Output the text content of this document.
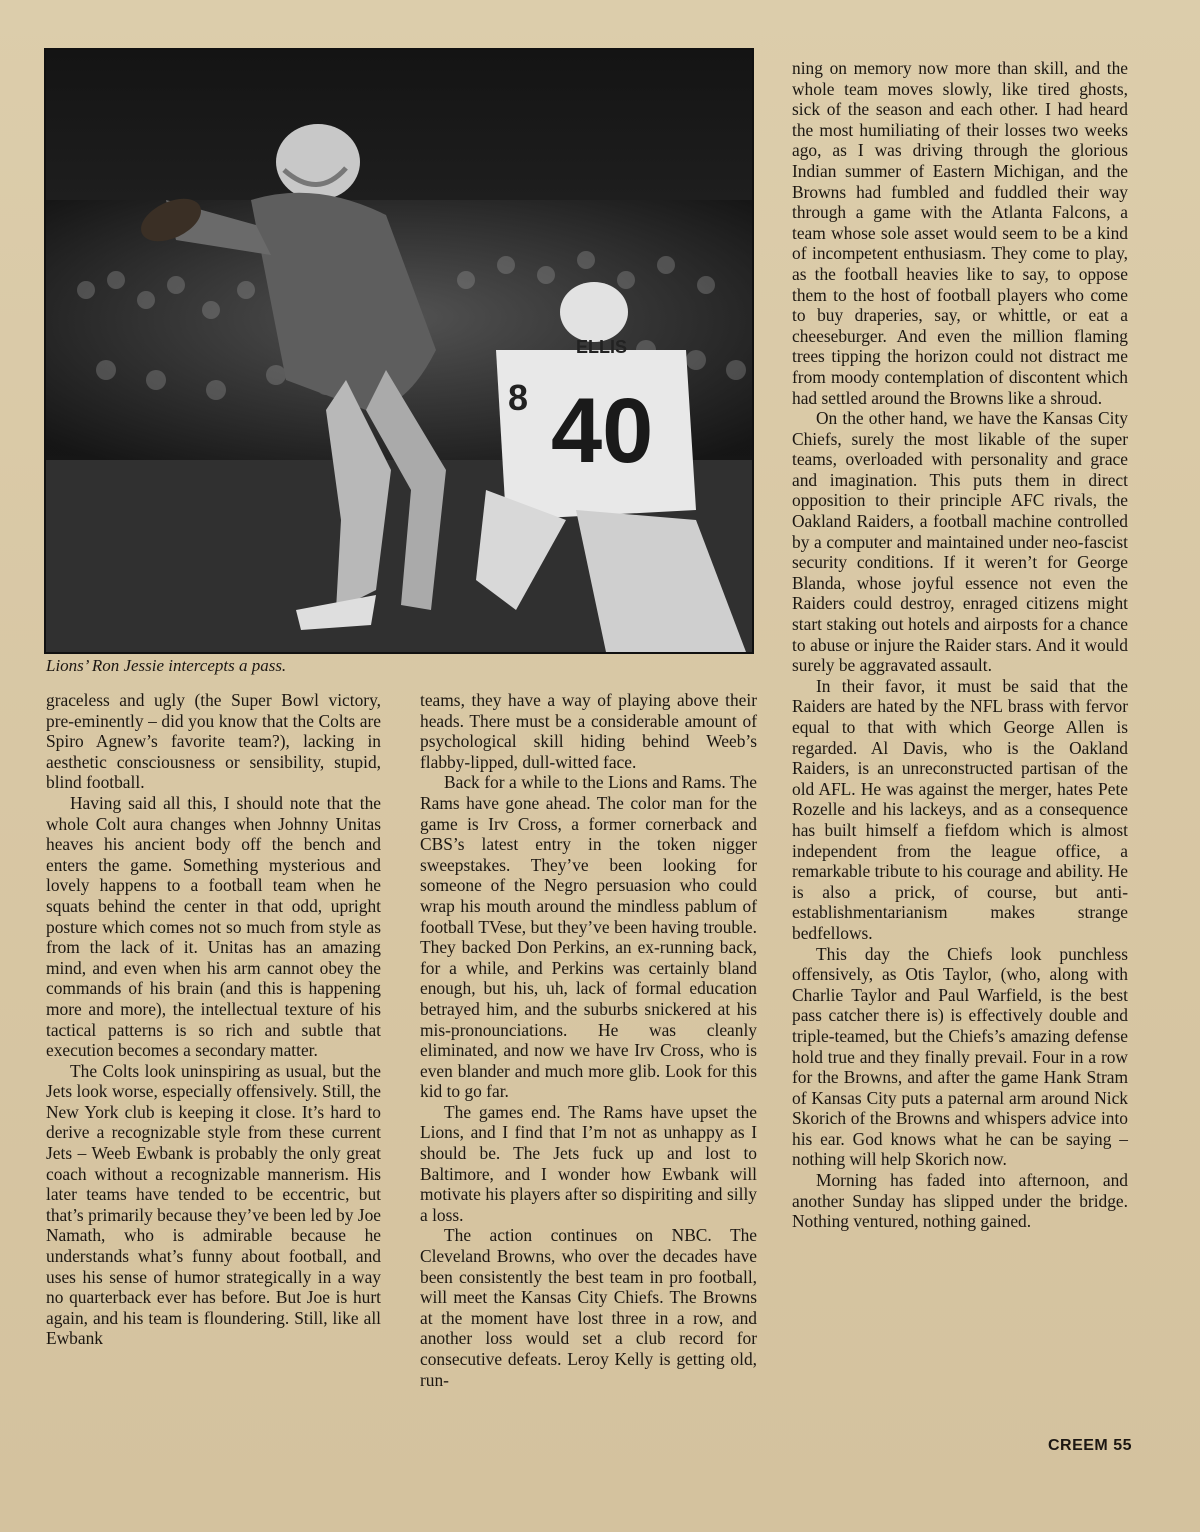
40
ELLIS
8
Lions’ Ron Jessie intercepts a pass.

graceless and ugly (the Super Bowl victory, pre-eminently – did you know that the Colts are Spiro Agnew’s favorite team?), lacking in aesthetic consciousness or sensibility, stupid, blind football.

Having said all this, I should note that the whole Colt aura changes when Johnny Unitas heaves his ancient body off the bench and enters the game. Something mysterious and lovely happens to a football team when he squats behind the center in that odd, upright posture which comes not so much from style as from the lack of it. Unitas has an amazing mind, and even when his arm cannot obey the commands of his brain (and this is happening more and more), the intellectual texture of his tactical patterns is so rich and subtle that execution becomes a secondary matter.

The Colts look uninspiring as usual, but the Jets look worse, especially offensively. Still, the New York club is keeping it close. It’s hard to derive a recognizable style from these current Jets – Weeb Ewbank is probably the only great coach without a recognizable mannerism. His later teams have tended to be eccentric, but that’s primarily because they’ve been led by Joe Namath, who is admirable because he understands what’s funny about football, and uses his sense of humor strategically in a way no quarterback ever has before. But Joe is hurt again, and his team is floundering. Still, like all Ewbank

teams, they have a way of playing above their heads. There must be a considerable amount of psychological skill hiding behind Weeb’s flabby-lipped, dull-witted face.

Back for a while to the Lions and Rams. The Rams have gone ahead. The color man for the game is Irv Cross, a former cornerback and CBS’s latest entry in the token nigger sweepstakes. They’ve been looking for someone of the Negro persuasion who could wrap his mouth around the mindless pablum of football TVese, but they’ve been having trouble. They backed Don Perkins, an ex-running back, for a while, and Perkins was certainly bland enough, but his, uh, lack of formal education betrayed him, and the suburbs snickered at his mis-pronounciations. He was cleanly eliminated, and now we have Irv Cross, who is even blander and much more glib. Look for this kid to go far.

The games end. The Rams have upset the Lions, and I find that I’m not as unhappy as I should be. The Jets fuck up and lost to Baltimore, and I wonder how Ewbank will motivate his players after so dispiriting and silly a loss.

The action continues on NBC. The Cleveland Browns, who over the decades have been consistently the best team in pro football, will meet the Kansas City Chiefs. The Browns at the moment have lost three in a row, and another loss would set a club record for consecutive defeats. Leroy Kelly is getting old, run-

ning on memory now more than skill, and the whole team moves slowly, like tired ghosts, sick of the season and each other. I had heard the most humiliating of their losses two weeks ago, as I was driving through the glorious Indian summer of Eastern Michigan, and the Browns had fumbled and fuddled their way through a game with the Atlanta Falcons, a team whose sole asset would seem to be a kind of incompetent enthusiasm. They come to play, as the football heavies like to say, to oppose them to the host of football players who come to buy draperies, say, or whittle, or eat a cheeseburger. And even the million flaming trees tipping the horizon could not distract me from moody contemplation of discontent which had settled around the Browns like a shroud.

On the other hand, we have the Kansas City Chiefs, surely the most likable of the super teams, overloaded with personality and grace and imagination. This puts them in direct opposition to their principle AFC rivals, the Oakland Raiders, a football machine controlled by a computer and maintained under neo-fascist security conditions. If it weren’t for George Blanda, whose joyful essence not even the Raiders could destroy, enraged citizens might start staking out hotels and airposts for a chance to abuse or injure the Raider stars. And it would surely be aggravated assault.

In their favor, it must be said that the Raiders are hated by the NFL brass with fervor equal to that with which George Allen is regarded. Al Davis, who is the Oakland Raiders, is an unreconstructed partisan of the old AFL. He was against the merger, hates Pete Rozelle and his lackeys, and as a consequence has built himself a fiefdom which is almost independent from the league office, a remarkable tribute to his courage and ability. He is also a prick, of course, but anti-establishmentarianism makes strange bedfellows.

This day the Chiefs look punchless offensively, as Otis Taylor, (who, along with Charlie Taylor and Paul Warfield, is the best pass catcher there is) is effectively double and triple-teamed, but the Chiefs’s amazing defense hold true and they finally prevail. Four in a row for the Browns, and after the game Hank Stram of Kansas City puts a paternal arm around Nick Skorich of the Browns and whispers advice into his ear. God knows what he can be saying – nothing will help Skorich now.

Morning has faded into afternoon, and another Sunday has slipped under the bridge. Nothing ventured, nothing gained.

CREEM 55
